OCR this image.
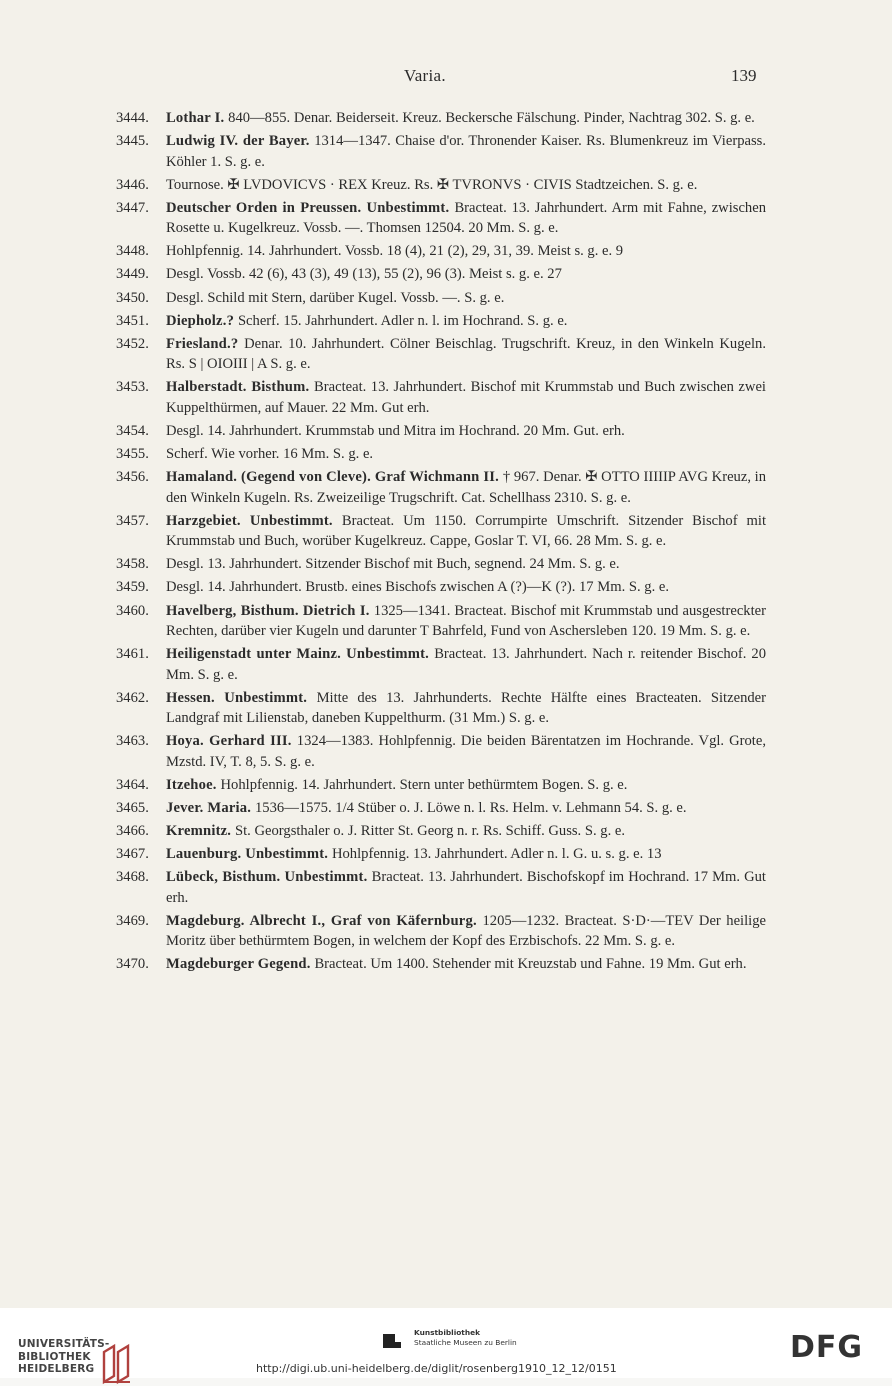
Varia.	139
3444. Lothar I. 840—855. Denar. Beiderseit. Kreuz. Beckersche Fälschung. Pinder, Nachtrag 302. S. g. e.
3445. Ludwig IV. der Bayer. 1314—1347. Chaise d'or. Thronender Kaiser. Rs. Blumenkreuz im Vierpass. Köhler 1. S. g. e.
3446. Tournose. ✠ LVDOVICVS · REX Kreuz. Rs. ✠ TVRONVS · CIVIS Stadtzeichen. S. g. e.
3447. Deutscher Orden in Preussen. Unbestimmt. Bracteat. 13. Jahrhundert. Arm mit Fahne, zwischen Rosette u. Kugelkreuz. Vossb. —. Thomsen 12504. 20 Mm. S. g. e.
3448. Hohlpfennig. 14. Jahrhundert. Vossb. 18 (4), 21 (2), 29, 31, 39. Meist s. g. e. 9
3449. Desgl. Vossb. 42 (6), 43 (3), 49 (13), 55 (2), 96 (3). Meist s. g. e. 27
3450. Desgl. Schild mit Stern, darüber Kugel. Vossb. —. S. g. e.
3451. Diepholz.? Scherf. 15. Jahrhundert. Adler n. l. im Hochrand. S. g. e.
3452. Friesland.? Denar. 10. Jahrhundert. Cölner Beischlag. Trugschrift. Kreuz, in den Winkeln Kugeln. Rs. S | OIOIII | A S. g. e.
3453. Halberstadt. Bisthum. Bracteat. 13. Jahrhundert. Bischof mit Krummstab und Buch zwischen zwei Kuppelthürmen, auf Mauer. 22 Mm. Gut erh.
3454. Desgl. 14. Jahrhundert. Krummstab und Mitra im Hochrand. 20 Mm. Gut. erh.
3455. Scherf. Wie vorher. 16 Mm. S. g. e.
3456. Hamaland. (Gegend von Cleve). Graf Wichmann II. † 967. Denar. ✠ OTTO IIIIIP AVG Kreuz, in den Winkeln Kugeln. Rs. Zweizeilige Trugschrift. Cat. Schellhass 2310. S. g. e.
3457. Harzgebiet. Unbestimmt. Bracteat. Um 1150. Corrumpirte Umschrift. Sitzender Bischof mit Krummstab und Buch, worüber Kugelkreuz. Cappe, Goslar T. VI, 66. 28 Mm. S. g. e.
3458. Desgl. 13. Jahrhundert. Sitzender Bischof mit Buch, segnend. 24 Mm. S. g. e.
3459. Desgl. 14. Jahrhundert. Brustb. eines Bischofs zwischen A (?)—K (?). 17 Mm. S. g. e.
3460. Havelberg, Bisthum. Dietrich I. 1325—1341. Bracteat. Bischof mit Krummstab und ausgestreckter Rechten, darüber vier Kugeln und darunter T Bahrfeld, Fund von Aschersleben 120. 19 Mm. S. g. e.
3461. Heiligenstadt unter Mainz. Unbestimmt. Bracteat. 13. Jahrhundert. Nach r. reitender Bischof. 20 Mm. S. g. e.
3462. Hessen. Unbestimmt. Mitte des 13. Jahrhunderts. Rechte Hälfte eines Bracteaten. Sitzender Landgraf mit Lilienstab, daneben Kuppelthurm. (31 Mm.) S. g. e.
3463. Hoya. Gerhard III. 1324—1383. Hohlpfennig. Die beiden Bärentatzen im Hochrande. Vgl. Grote, Mzstd. IV, T. 8, 5. S. g. e.
3464. Itzehoe. Hohlpfennig. 14. Jahrhundert. Stern unter bethürmtem Bogen. S. g. e.
3465. Jever. Maria. 1536—1575. 1/4 Stüber o. J. Löwe n. l. Rs. Helm. v. Lehmann 54. S. g. e.
3466. Kremnitz. St. Georgsthaler o. J. Ritter St. Georg n. r. Rs. Schiff. Guss. S. g. e.
3467. Lauenburg. Unbestimmt. Hohlpfennig. 13. Jahrhundert. Adler n. l. G. u. s. g. e. 13
3468. Lübeck, Bisthum. Unbestimmt. Bracteat. 13. Jahrhundert. Bischofskopf im Hochrand. 17 Mm. Gut erh.
3469. Magdeburg. Albrecht I., Graf von Käfernburg. 1205—1232. Bracteat. S·D·—TEV Der heilige Moritz über bethürmtem Bogen, in welchem der Kopf des Erzbischofs. 22 Mm. S. g. e.
3470. Magdeburger Gegend. Bracteat. Um 1400. Stehender mit Kreuzstab und Fahne. 19 Mm. Gut erh.
UNIVERSITÄTS-
BIBLIOTHEK
HEIDELBERG
Kunstbibliothek
Staatliche Museen zu Berlin	DFG
http://digi.ub.uni-heidelberg.de/diglit/rosenberg1910_12_12/0151
